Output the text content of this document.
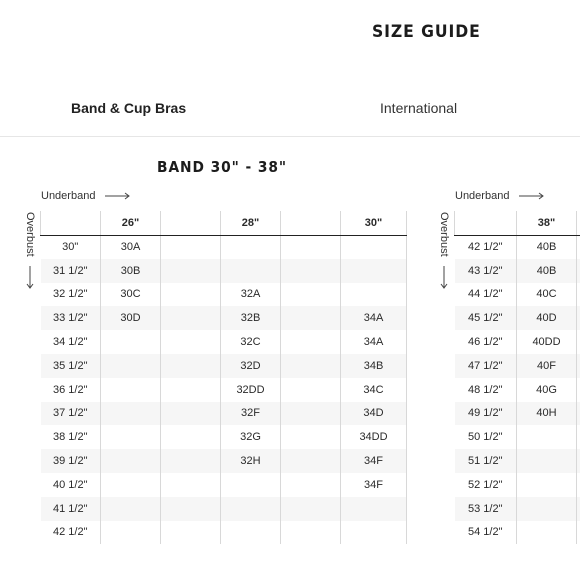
SIZE GUIDE
Band & Cup Bras	International
BAND 30" - 38"
Underband
Overbust
Underband
Overbust
	26"		28"		30"
30"	30A				
31 1/2"	30B				
32 1/2"	30C		32A		
33 1/2"	30D		32B		34A
34 1/2"			32C		34A
35 1/2"			32D		34B
36 1/2"			32DD		34C
37 1/2"			32F		34D
38 1/2"			32G		34DD
39 1/2"			32H		34F
40 1/2"					34F
41 1/2"					
42 1/2"					
	38"	
42 1/2"	40B	
43 1/2"	40B	
44 1/2"	40C	
45 1/2"	40D	
46 1/2"	40DD	
47 1/2"	40F	
48 1/2"	40G	
49 1/2"	40H	
50 1/2"		
51 1/2"		
52 1/2"		
53 1/2"		
54 1/2"		
